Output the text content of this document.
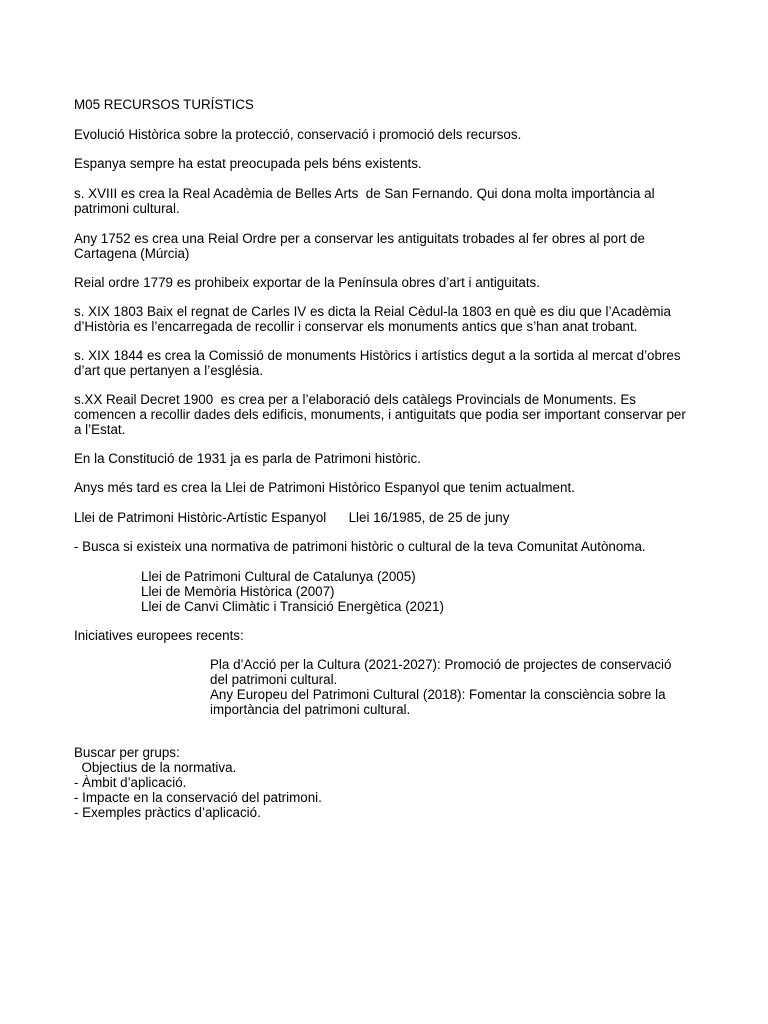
M05 RECURSOS TURÍSTICS

Evolució Històrica sobre la protecció, conservació i promoció dels recursos.

Espanya sempre ha estat preocupada pels béns existents.

s. XVIII es crea la Real Acadèmia de Belles Arts  de San Fernando. Qui dona molta importància al
patrimoni cultural.

Any 1752 es crea una Reial Ordre per a conservar les antiguitats trobades al fer obres al port de
Cartagena (Múrcia)

Reial ordre 1779 es prohibeix exportar de la Península obres d’art i antiguitats.

s. XIX 1803 Baix el regnat de Carles IV es dicta la Reial Cèdul-la 1803 en què es diu que l’Acadèmia
d’Història es l’encarregada de recollir i conservar els monuments antics que s’han anat trobant.

s. XIX 1844 es crea la Comissió de monuments Històrics i artístics degut a la sortida al mercat d’obres
d’art que pertanyen a l’església.

s.XX Reail Decret 1900  es crea per a l’elaboració dels catàlegs Provincials de Monuments. Es
comencen a recollir dades dels edificis, monuments, i antiguitats que podia ser important conservar per
a l’Estat.

En la Constitució de 1931 ja es parla de Patrimoni històric.

Anys més tard es crea la Llei de Patrimoni Històrico Espanyol que tenim actualment.

Llei de Patrimoni Històric-Artístic Espanyol      Llei 16/1985, de 25 de juny

- Busca si existeix una normativa de patrimoni històric o cultural de la teva Comunitat Autònoma.

Llei de Patrimoni Cultural de Catalunya (2005)
Llei de Memòria Històrica (2007)
Llei de Canvi Climàtic i Transició Energètica (2021)

Iniciatives europees recents:

Pla d’Acció per la Cultura (2021-2027): Promoció de projectes de conservació
del patrimoni cultural.
Any Europeu del Patrimoni Cultural (2018): Fomentar la consciència sobre la
importància del patrimoni cultural.

Buscar per grups:
Objectius de la normativa.
- Àmbit d’aplicació.
- Impacte en la conservació del patrimoni.
- Exemples pràctics d’aplicació.
